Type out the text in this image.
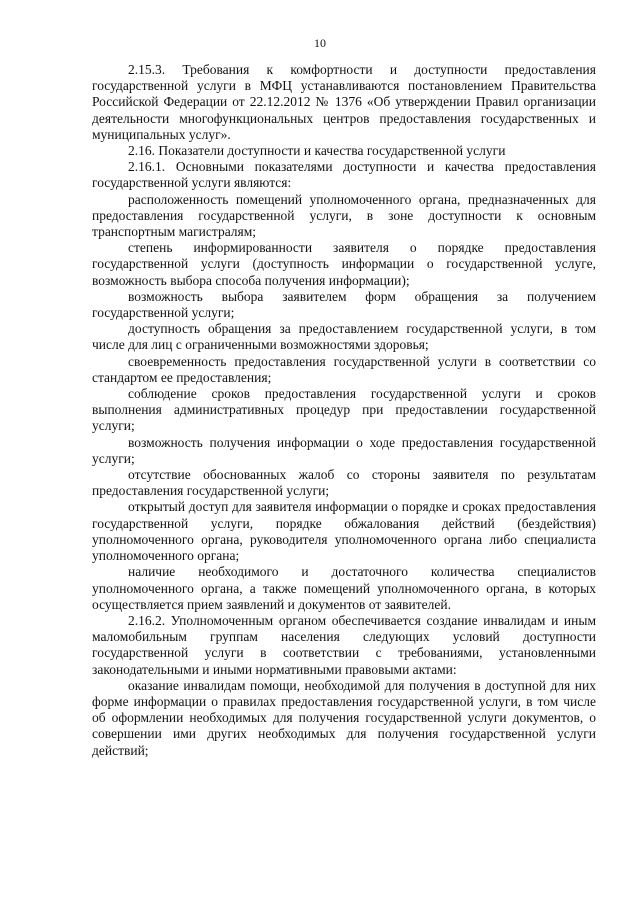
10

2.15.3. Требования к комфортности и доступности предоставления государственной услуги в МФЦ устанавливаются постановлением Правительства Российской Федерации от 22.12.2012 № 1376 «Об утверждении Правил организации деятельности многофункциональных центров предоставления государственных и муниципальных услуг».

2.16. Показатели доступности и качества государственной услуги

2.16.1. Основными показателями доступности и качества предоставления государственной услуги являются:

расположенность помещений уполномоченного органа, предназначенных для предоставления государственной услуги, в зоне доступности к основным транспортным магистралям;

степень информированности заявителя о порядке предоставления государственной услуги (доступность информации о государственной услуге, возможность выбора способа получения информации);

возможность выбора заявителем форм обращения за получением государственной услуги;

доступность обращения за предоставлением государственной услуги, в том числе для лиц с ограниченными возможностями здоровья;

своевременность предоставления государственной услуги в соответствии со стандартом ее предоставления;

соблюдение сроков предоставления государственной услуги и сроков выполнения административных процедур при предоставлении государственной услуги;

возможность получения информации о ходе предоставления государственной услуги;

отсутствие обоснованных жалоб со стороны заявителя по результатам предоставления государственной услуги;

открытый доступ для заявителя информации о порядке и сроках предоставления государственной услуги, порядке обжалования действий (бездействия) уполномоченного органа, руководителя уполномоченного органа либо специалиста уполномоченного органа;

наличие необходимого и достаточного количества специалистов уполномоченного органа, а также помещений уполномоченного органа, в которых осуществляется прием заявлений и документов от заявителей.

2.16.2. Уполномоченным органом обеспечивается создание инвалидам и иным маломобильным группам населения следующих условий доступности государственной услуги в соответствии с требованиями, установленными законодательными и иными нормативными правовыми актами:

оказание инвалидам помощи, необходимой для получения в доступной для них форме информации о правилах предоставления государственной услуги, в том числе об оформлении необходимых для получения государственной услуги документов, о совершении ими других необходимых для получения государственной услуги действий;
